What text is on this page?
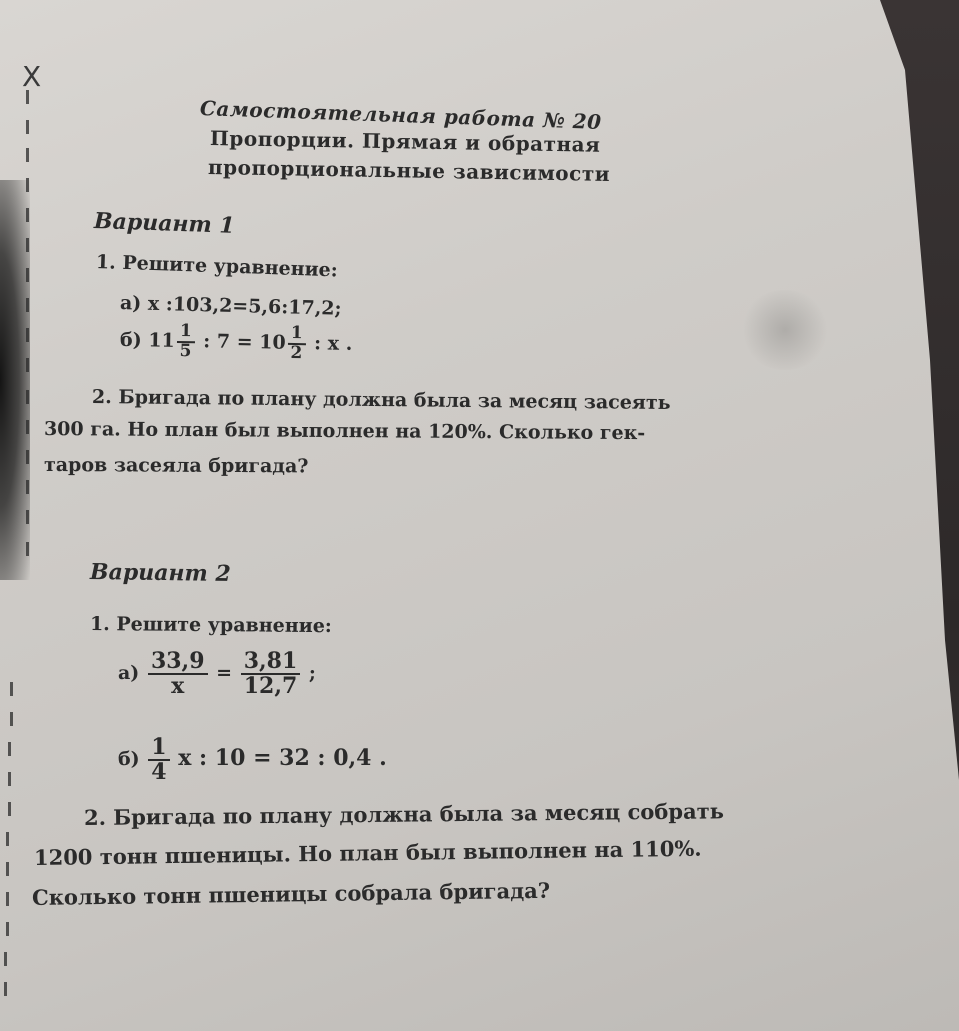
X
Самостоятельная работа № 20
Пропорции. Прямая и обратная
пропорциональные зависимости
Вариант 1
1. Решите уравнение:
а) x :103,2=5,6:17,2;
б) $11 \frac{1}{5}$ : $7 = 10 \frac{1}{2}$ : x .
2. Бригада по плану должна была за месяц засеять
300 га. Но план был выполнен на 120%. Сколько гек-
таров засеяла бригада?
Вариант 2
1. Решите уравнение:
$а) \frac{33,9}{x} = \frac{3,81}{12,7}$ ;
$б) \frac{1}{4}$ x : 10 = 32 : 0,4 .
2. Бригада по плану должна была за месяц собрать
1200 тонн пшеницы. Но план был выполнен на 110%.
Сколько тонн пшеницы собрала бригада?
